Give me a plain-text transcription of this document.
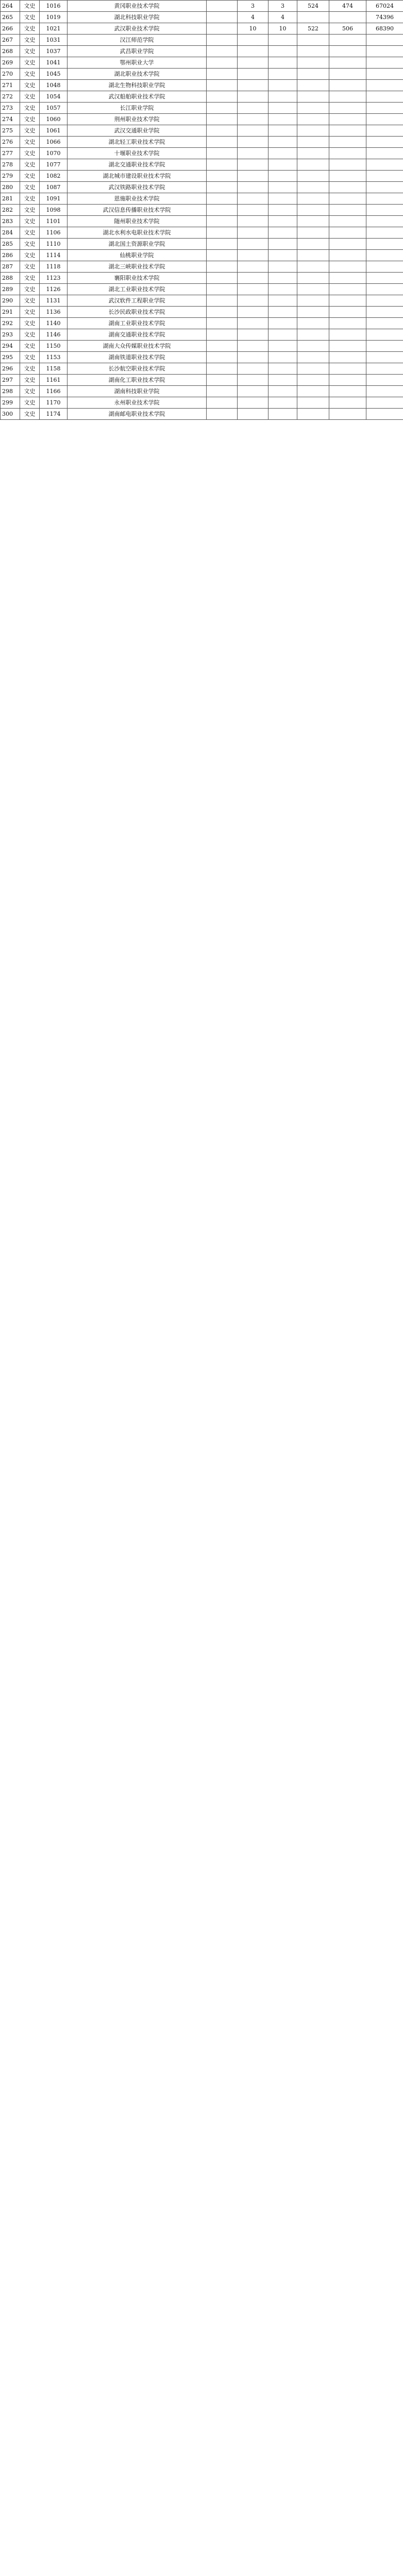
264	文史	1016	黄冈职业技术学院		3	3	524	474	67024
265	文史	1019	湖北科技职业学院		4	4			74396
266	文史	1021	武汉职业技术学院		10	10	522	506	68390
267	文史	1031	汉江师范学院						
268	文史	1037	武昌职业学院						
269	文史	1041	鄂州职业大学						
270	文史	1045	湖北职业技术学院						
271	文史	1048	湖北生物科技职业学院						
272	文史	1054	武汉船舶职业技术学院						
273	文史	1057	长江职业学院						
274	文史	1060	荆州职业技术学院						
275	文史	1061	武汉交通职业学院						
276	文史	1066	湖北轻工职业技术学院						
277	文史	1070	十堰职业技术学院						
278	文史	1077	湖北交通职业技术学院						
279	文史	1082	湖北城市建设职业技术学院						
280	文史	1087	武汉铁路职业技术学院						
281	文史	1091	恩施职业技术学院						
282	文史	1098	武汉信息传播职业技术学院						
283	文史	1101	随州职业技术学院						
284	文史	1106	湖北水利水电职业技术学院						
285	文史	1110	湖北国土资源职业学院						
286	文史	1114	仙桃职业学院						
287	文史	1118	湖北三峡职业技术学院						
288	文史	1123	襄阳职业技术学院						
289	文史	1126	湖北工业职业技术学院						
290	文史	1131	武汉软件工程职业学院						
291	文史	1136	长沙民政职业技术学院						
292	文史	1140	湖南工业职业技术学院						
293	文史	1146	湖南交通职业技术学院						
294	文史	1150	湖南大众传媒职业技术学院						
295	文史	1153	湖南铁道职业技术学院						
296	文史	1158	长沙航空职业技术学院						
297	文史	1161	湖南化工职业技术学院						
298	文史	1166	湖南科技职业学院						
299	文史	1170	永州职业技术学院						
300	文史	1174	湖南邮电职业技术学院						
